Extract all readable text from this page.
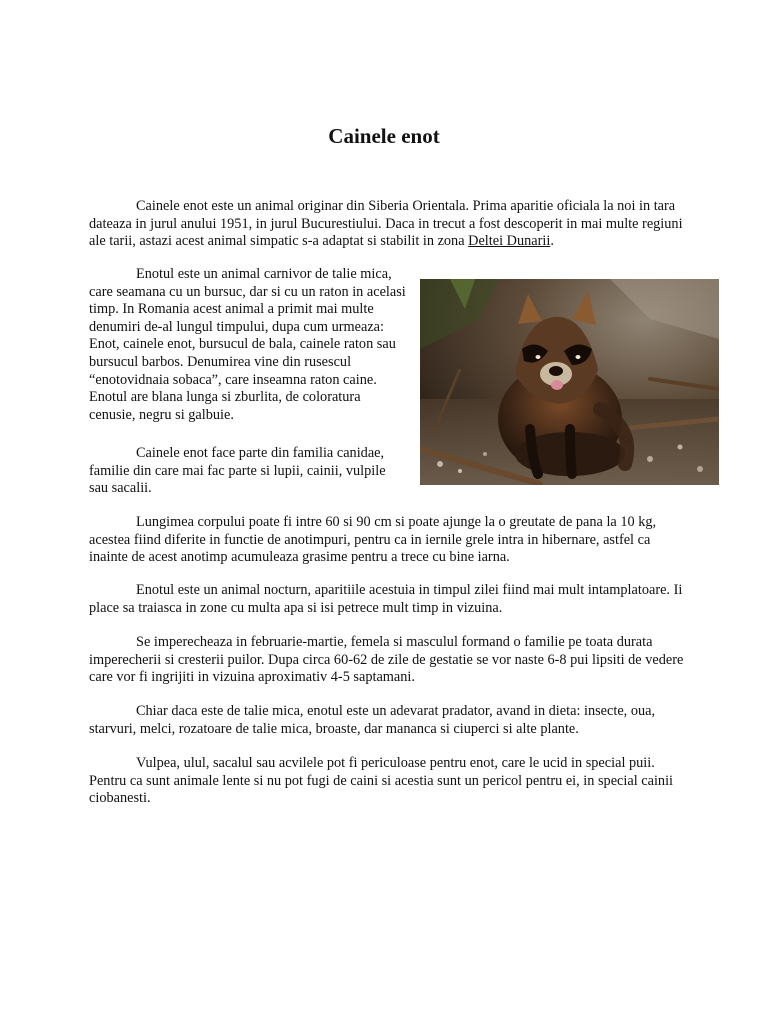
Cainele enot

Cainele enot este un animal originar din Siberia Orientala. Prima aparitie oficiala la noi in tara dateaza in jurul anului 1951, in jurul Bucurestiului. Daca in trecut a fost descoperit in mai multe regiuni ale tarii, astazi acest animal simpatic s-a adaptat si stabilit in zona Deltei Dunarii.

Enotul este un animal carnivor de talie mica, care seamana cu un bursuc, dar si cu un raton in acelasi timp. In Romania acest animal a primit mai multe denumiri de-al lungul timpului, dupa cum urmeaza: Enot, cainele enot, bursucul de bala, cainele raton sau bursucul barbos. Denumirea vine din rusescul “enotovidnaia sobaca”, care inseamna raton caine. Enotul are blana lunga si zburlita, de coloratura cenusie, negru si galbuie.

Cainele enot face parte din familia canidae, familie din care mai fac parte si lupii, cainii, vulpile sau sacalii.

Lungimea corpului poate fi intre 60 si 90 cm si poate ajunge la o greutate de pana la 10 kg, acestea fiind diferite in functie de anotimpuri, pentru ca in iernile grele intra in hibernare, astfel ca inainte de acest anotimp acumuleaza grasime pentru a trece cu bine iarna.

Enotul este un animal nocturn, aparitiile acestuia in timpul zilei fiind mai mult intamplatoare. Ii place sa traiasca in zone cu multa apa si isi petrece mult timp in vizuina.

Se imperecheaza in februarie-martie, femela si masculul formand o familie pe toata durata imperecherii si cresterii puilor. Dupa circa 60-62 de zile de gestatie se vor naste 6-8 pui lipsiti de vedere care vor fi ingrijiti in vizuina aproximativ 4-5 saptamani.

Chiar daca este de talie mica, enotul este un adevarat pradator, avand in dieta: insecte, oua, starvuri, melci, rozatoare de talie mica, broaste, dar mananca si ciuperci si alte plante.

Vulpea, ulul, sacalul sau acvilele pot fi periculoase pentru enot, care le ucid in special puii. Pentru ca sunt animale lente si nu pot fugi de caini si acestia sunt un pericol pentru ei, in special cainii ciobanesti.
